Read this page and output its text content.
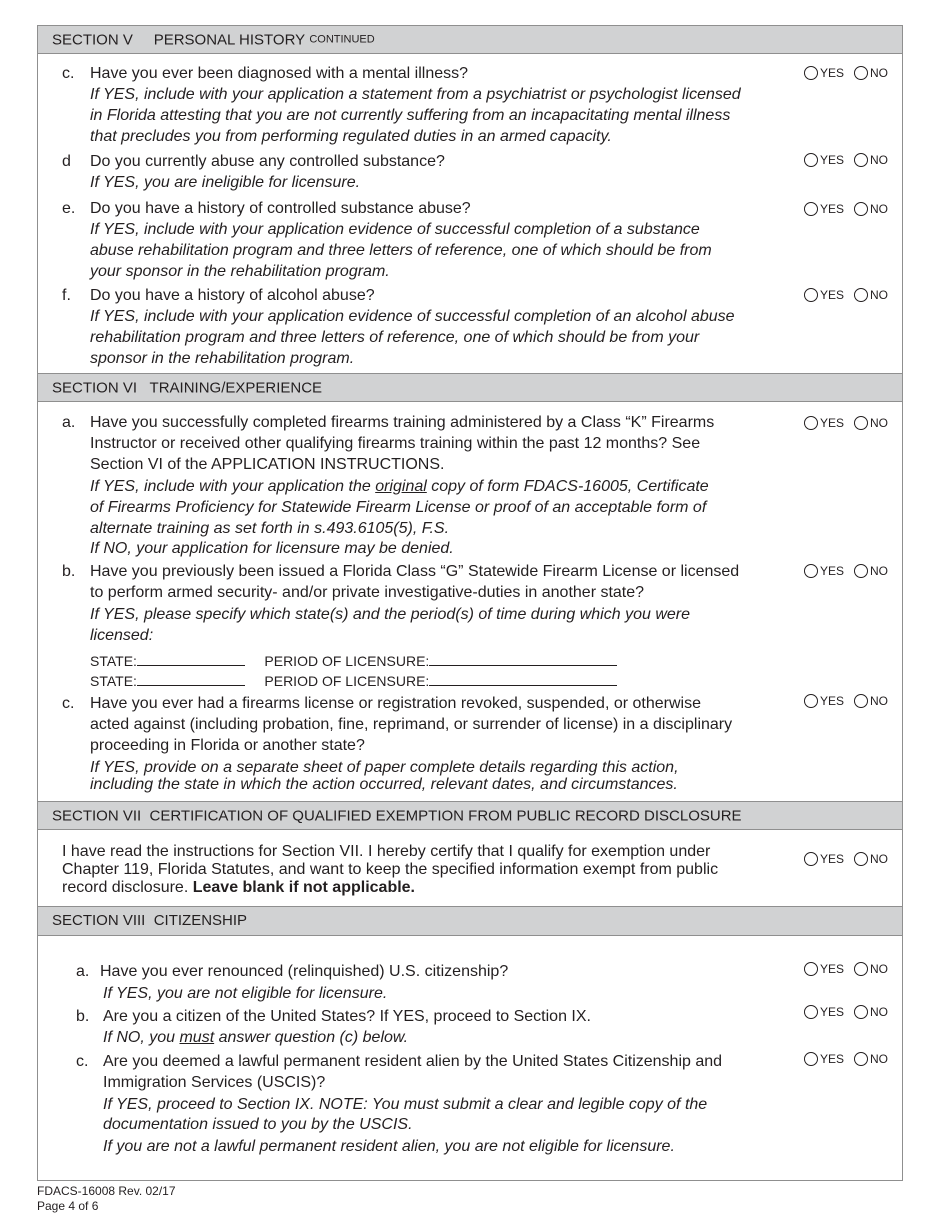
SECTION V PERSONAL HISTORY CONTINUED
c. Have you ever been diagnosed with a mental illness?
If YES, include with your application a statement from a psychiatrist or psychologist licensed
in Florida attesting that you are not currently suffering from an incapacitating mental illness
that precludes you from performing regulated duties in an armed capacity.
YES NO
d Do you currently abuse any controlled substance?
If YES, you are ineligible for licensure.
YES NO
e. Do you have a history of controlled substance abuse?
If YES, include with your application evidence of successful completion of a substance
abuse rehabilitation program and three letters of reference, one of which should be from
your sponsor in the rehabilitation program.
YES NO
f. Do you have a history of alcohol abuse?
If YES, include with your application evidence of successful completion of an alcohol abuse
rehabilitation program and three letters of reference, one of which should be from your
sponsor in the rehabilitation program.
YES NO
SECTION VI TRAINING/EXPERIENCE
a. Have you successfully completed firearms training administered by a Class “K” Firearms
Instructor or received other qualifying firearms training within the past 12 months? See
Section VI of the APPLICATION INSTRUCTIONS.
If YES, include with your application the original copy of form FDACS-16005, Certificate
of Firearms Proficiency for Statewide Firearm License or proof of an acceptable form of
alternate training as set forth in s.493.6105(5), F.S.
If NO, your application for licensure may be denied.
YES NO
b. Have you previously been issued a Florida Class “G” Statewide Firearm License or licensed
to perform armed security- and/or private investigative-duties in another state?
If YES, please specify which state(s) and the period(s) of time during which you were
licensed:
STATE:	PERIOD OF LICENSURE:
STATE:	PERIOD OF LICENSURE:
YES NO
c. Have you ever had a firearms license or registration revoked, suspended, or otherwise
acted against (including probation, fine, reprimand, or surrender of license) in a disciplinary
proceeding in Florida or another state?
If YES, provide on a separate sheet of paper complete details regarding this action,
including the state in which the action occurred, relevant dates, and circumstances.
YES NO
SECTION VII CERTIFICATION OF QUALIFIED EXEMPTION FROM PUBLIC RECORD DISCLOSURE
I have read the instructions for Section VII. I hereby certify that I qualify for exemption under
Chapter 119, Florida Statutes, and want to keep the specified information exempt from public
record disclosure. Leave blank if not applicable.
YES NO
SECTION VIII CITIZENSHIP
a. Have you ever renounced (relinquished) U.S. citizenship?
If YES, you are not eligible for licensure.
YES NO
b. Are you a citizen of the United States? If YES, proceed to Section IX.
If NO, you must answer question (c) below.
YES NO
c. Are you deemed a lawful permanent resident alien by the United States Citizenship and
Immigration Services (USCIS)?
If YES, proceed to Section IX. NOTE: You must submit a clear and legible copy of the
documentation issued to you by the USCIS.
If you are not a lawful permanent resident alien, you are not eligible for licensure.
YES NO
FDACS-16008 Rev. 02/17
Page 4 of 6
